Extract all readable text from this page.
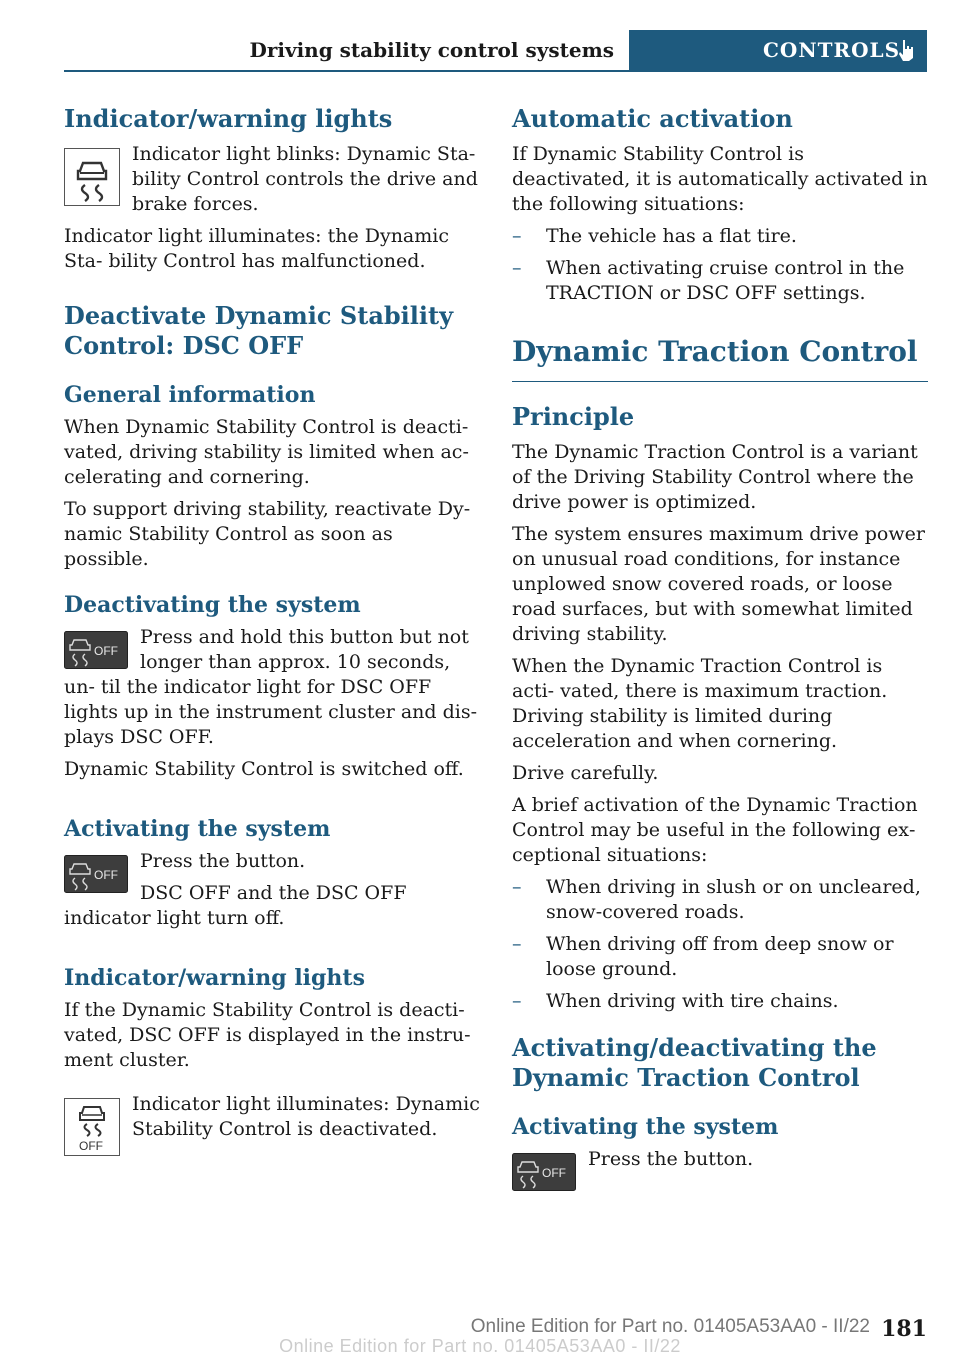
Driving stability control systems	CONTROLS
Indicator/warning lights

Indicator light blinks: Dynamic Sta‐ bility Control controls the drive and brake forces.

Indicator light illuminates: the Dynamic Sta‐ bility Control has malfunctioned.

Deactivate Dynamic Stability Control: DSC OFF
General information

When Dynamic Stability Control is deacti‐ vated, driving stability is limited when ac‐ celerating and cornering.

To support driving stability, reactivate Dy‐ namic Stability Control as soon as possible.

Deactivating the system
OFF

Press and hold this button but not longer than approx. 10 seconds, un‐ til the indicator light for DSC OFF lights up in the instrument cluster and dis‐ plays DSC OFF.

Dynamic Stability Control is switched off.

Activating the system
OFF

Press the button.

DSC OFF and the DSC OFF indicator light turn off.

Indicator/warning lights

If the Dynamic Stability Control is deacti‐ vated, DSC OFF is displayed in the instru‐ ment cluster.

OFF

Indicator light illuminates: Dynamic Stability Control is deactivated.

Automatic activation

If Dynamic Stability Control is deactivated, it is automatically activated in the following situations:

– The vehicle has a flat tire.
– When activating cruise control in the TRACTION or DSC OFF settings.
Dynamic Traction Control
Principle

The Dynamic Traction Control is a variant of the Driving Stability Control where the drive power is optimized.

The system ensures maximum drive power on unusual road conditions, for instance unplowed snow covered roads, or loose road surfaces, but with somewhat limited driving stability.

When the Dynamic Traction Control is acti‐ vated, there is maximum traction. Driving stability is limited during acceleration and when cornering.

Drive carefully.

A brief activation of the Dynamic Traction Control may be useful in the following ex‐ ceptional situations:

– When driving in slush or on uncleared, snow-covered roads.
– When driving off from deep snow or loose ground.
– When driving with tire chains.
Activating/deactivating the Dynamic Traction Control
Activating the system
OFF

Press the button.

181
Online Edition for Part no. 01405A53AA0 - II/22
Online Edition for Part no. 01405A53AA0 - II/22
